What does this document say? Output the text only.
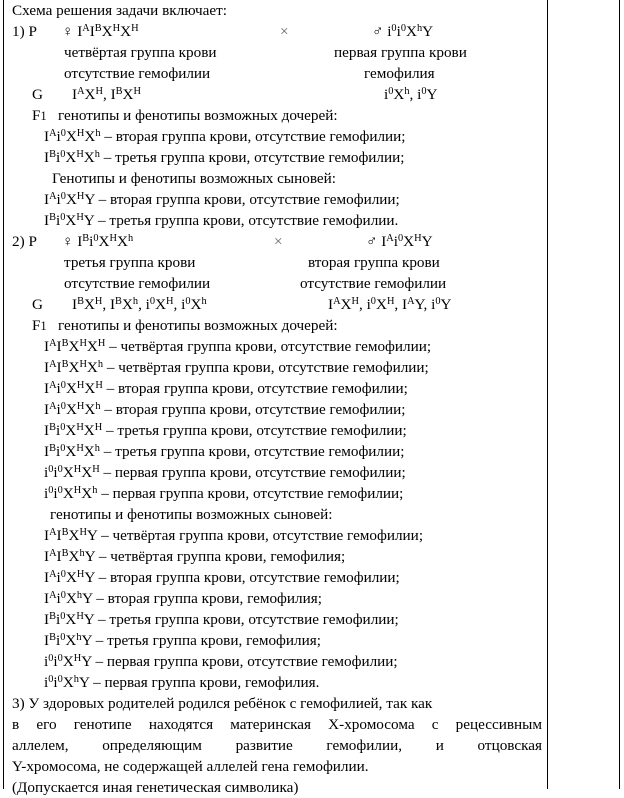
Схема решения задачи включает:
1) P ♀ $I^AI^BX^HX^H$	×	♂ $i^0i^0X^hY$
четвёртая группа крови	первая группа крови
отсутствие гемофилии	гемофилия
G $I^AX^H$, $I^BX^H$	$i^0X^h$, $i^0Y$
F1 генотипы и фенотипы возможных дочерей:
$I^Ai^0X^HX^h$ – вторая группа крови, отсутствие гемофилии;
$I^Bi^0X^HX^h$ – третья группа крови, отсутствие гемофилии;
Генотипы и фенотипы возможных сыновей:
$I^Ai^0X^HY$ – вторая группа крови, отсутствие гемофилии;
$I^Bi^0X^HY$ – третья группа крови, отсутствие гемофилии.
2) P ♀ $I^Bi^0X^HX^h$	×	♂ $I^Ai^0X^HY$
третья группа крови	вторая группа крови
отсутствие гемофилии	отсутствие гемофилии
G $I^BX^H$, $I^BX^h$, $i^0X^H$, $i^0X^h$	$I^AX^H$, $i^0X^H$, $I^AY$, $i^0Y$
F1 генотипы и фенотипы возможных дочерей:
$I^AI^BX^HX^H$ – четвёртая группа крови, отсутствие гемофилии;
$I^AI^BX^HX^h$ – четвёртая группа крови, отсутствие гемофилии;
$I^Ai^0X^HX^H$ – вторая группа крови, отсутствие гемофилии;
$I^Ai^0X^HX^h$ – вторая группа крови, отсутствие гемофилии;
$I^Bi^0X^HX^H$ – третья группа крови, отсутствие гемофилии;
$I^Bi^0X^HX^h$ – третья группа крови, отсутствие гемофилии;
$i^0i^0X^HX^H$ – первая группа крови, отсутствие гемофилии;
$i^0i^0X^HX^h$ – первая группа крови, отсутствие гемофилии;
генотипы и фенотипы возможных сыновей:
$I^AI^BX^HY$ – четвёртая группа крови, отсутствие гемофилии;
$I^AI^BX^hY$ – четвёртая группа крови, гемофилия;
$I^Ai^0X^HY$ – вторая группа крови, отсутствие гемофилии;
$I^Ai^0X^hY$ – вторая группа крови, гемофилия;
$I^Bi^0X^HY$ – третья группа крови, отсутствие гемофилии;
$I^Bi^0X^hY$ – третья группа крови, гемофилия;
$i^0i^0X^HY$ – первая группа крови, отсутствие гемофилии;
$i^0i^0X^hY$ – первая группа крови, гемофилия.
3) У здоровых родителей родился ребёнок с гемофилией, так как
в его генотипе находятся материнская X-хромосома с рецессивным
аллелем, определяющим развитие гемофилии, и отцовская
Y-хромосома, не содержащей аллелей гена гемофилии.
(Допускается иная генетическая символика)
